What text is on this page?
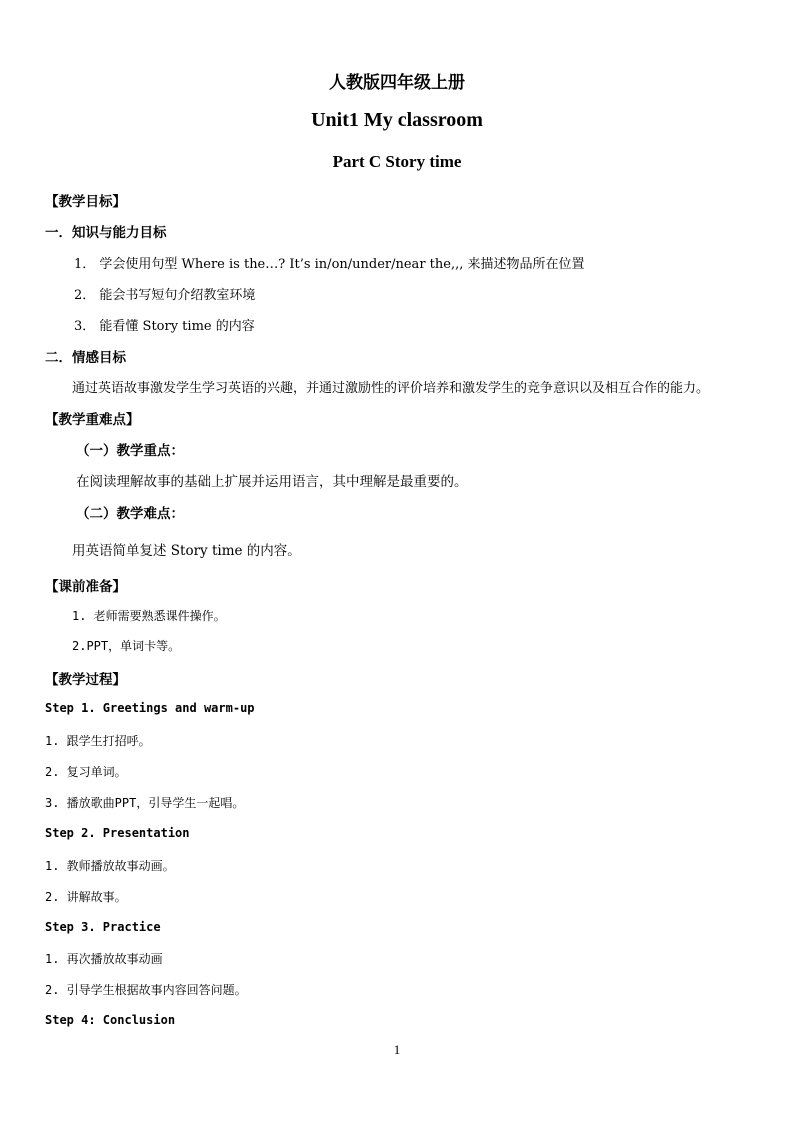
人教版四年级上册
Unit1 My classroom
Part C Story time
【教学目标】
一．知识与能力目标
1． 学会使用句型 Where is the…? It’s in/on/under/near the,,, 来描述物品所在位置
2． 能会书写短句介绍教室环境
3． 能看懂 Story time 的内容
二．情感目标
通过英语故事激发学生学习英语的兴趣，并通过激励性的评价培养和激发学生的竞争意识以及相互合作的能力。
【教学重难点】
（一）教学重点：
在阅读理解故事的基础上扩展并运用语言，其中理解是最重要的。
（二）教学难点：
用英语简单复述 Story time 的内容。
【课前准备】
1. 老师需要熟悉课件操作。
2.PPT，单词卡等。
【教学过程】
Step 1. Greetings and warm-up
1. 跟学生打招呼。
2. 复习单词。
3. 播放歌曲PPT，引导学生一起唱。
Step 2. Presentation
1. 教师播放故事动画。
2. 讲解故事。
Step 3. Practice
1. 再次播放故事动画
2. 引导学生根据故事内容回答问题。
Step 4: Conclusion
1
